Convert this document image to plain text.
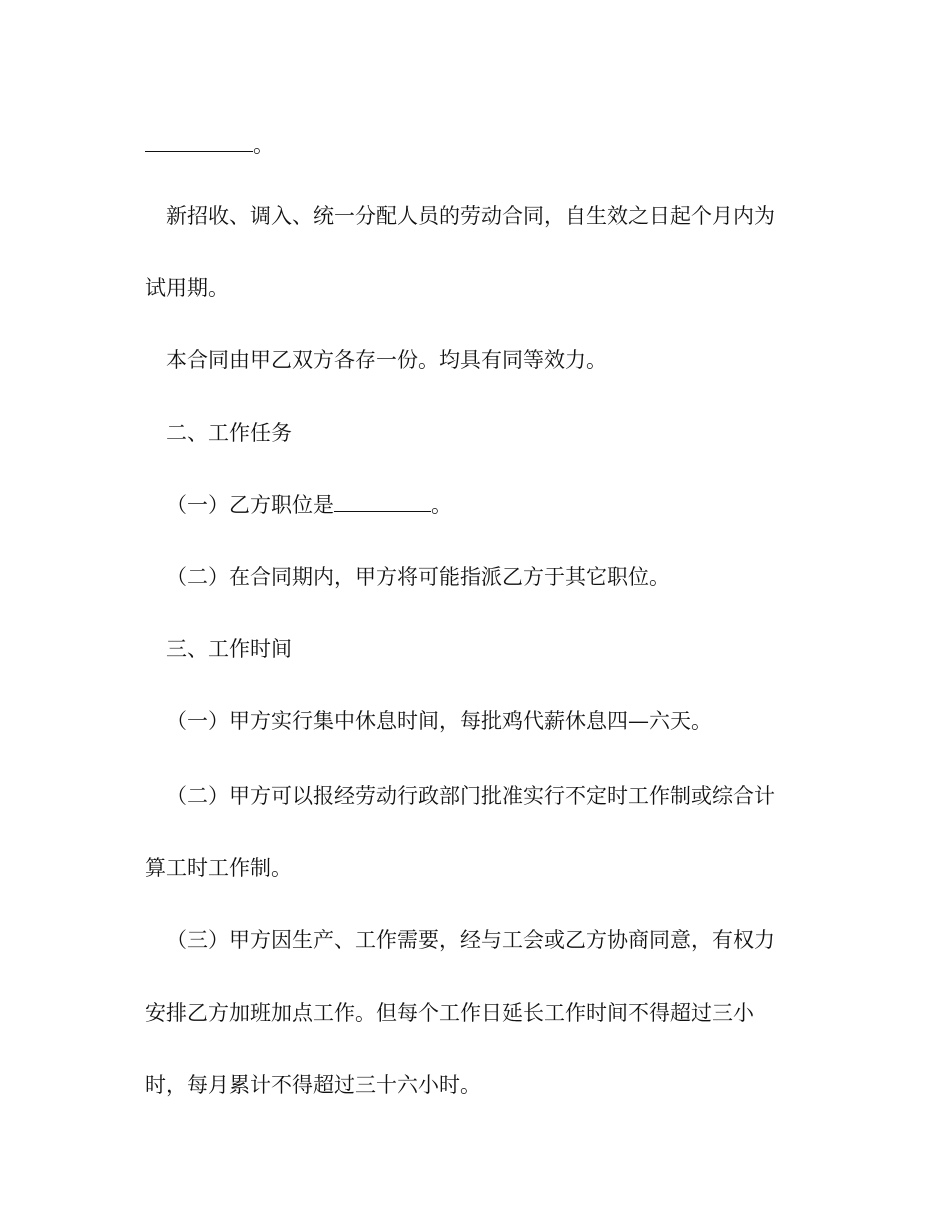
。
新招收、调入、统一分配人员的劳动合同，自生效之日起个月内为
试用期。
本合同由甲乙双方各存一份。均具有同等效力。
二、工作任务
（一）乙方职位是	。
（二）在合同期内，甲方将可能指派乙方于其它职位。
三、工作时间
（一）甲方实行集中休息时间，每批鸡代薪休息四—六天。
（二）甲方可以报经劳动行政部门批准实行不定时工作制或综合计
算工时工作制。
（三）甲方因生产、工作需要，经与工会或乙方协商同意，有权力
安排乙方加班加点工作。但每个工作日延长工作时间不得超过三小
时，每月累计不得超过三十六小时。
